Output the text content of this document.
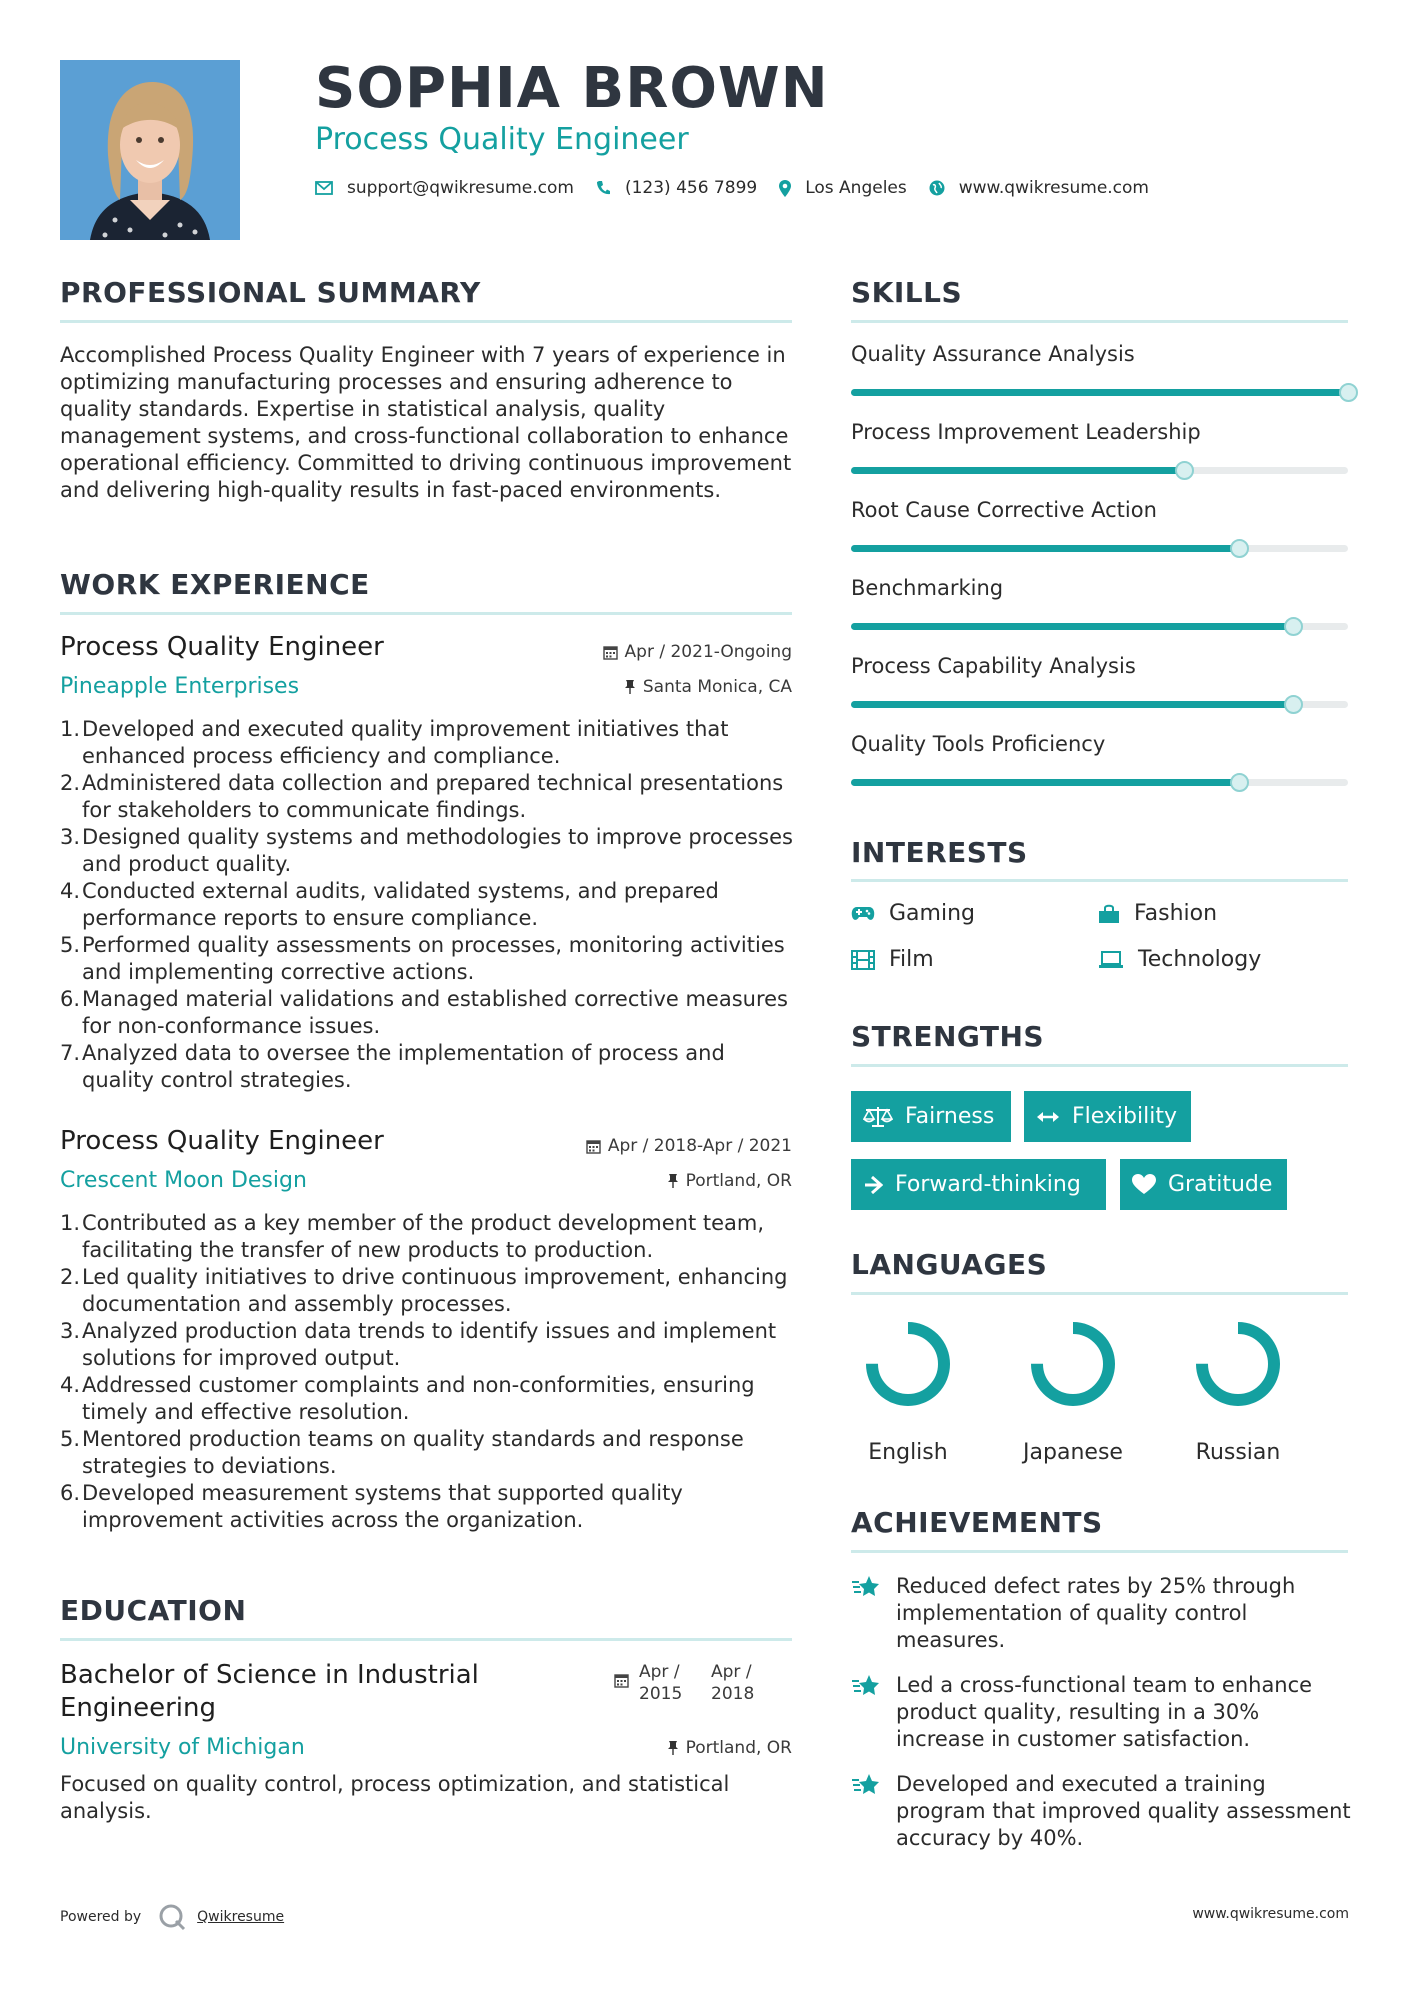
SOPHIA BROWN
Process Quality Engineer
support@qwikresume.com	(123) 456 7899	Los Angeles	www.qwikresume.com
PROFESSIONAL SUMMARY
Accomplished Process Quality Engineer with 7 years of experience in optimizing manufacturing processes and ensuring adherence to quality standards. Expertise in statistical analysis, quality management systems, and cross-functional collaboration to enhance operational efficiency. Committed to driving continuous improvement and delivering high-quality results in fast-paced environments.
WORK EXPERIENCE
Process Quality Engineer	Apr / 2021-Ongoing
Pineapple Enterprises	Santa Monica, CA
1. Developed and executed quality improvement initiatives that enhanced process efficiency and compliance.
2. Administered data collection and prepared technical presentations for stakeholders to communicate findings.
3. Designed quality systems and methodologies to improve processes and product quality.
4. Conducted external audits, validated systems, and prepared performance reports to ensure compliance.
5. Performed quality assessments on processes, monitoring activities and implementing corrective actions.
6. Managed material validations and established corrective measures for non-conformance issues.
7. Analyzed data to oversee the implementation of process and quality control strategies.
Process Quality Engineer	Apr / 2018-Apr / 2021
Crescent Moon Design	Portland, OR
1. Contributed as a key member of the product development team, facilitating the transfer of new products to production.
2. Led quality initiatives to drive continuous improvement, enhancing documentation and assembly processes.
3. Analyzed production data trends to identify issues and implement solutions for improved output.
4. Addressed customer complaints and non-conformities, ensuring timely and effective resolution.
5. Mentored production teams on quality standards and response strategies to deviations.
6. Developed measurement systems that supported quality improvement activities across the organization.
EDUCATION
Bachelor of Science in Industrial Engineering
Apr / 2015
Apr / 2018
University of Michigan	Portland, OR
Focused on quality control, process optimization, and statistical analysis.
SKILLS
Quality Assurance Analysis
Process Improvement Leadership
Root Cause Corrective Action
Benchmarking
Process Capability Analysis
Quality Tools Proficiency
INTERESTS
Gaming	Fashion
Film	Technology
STRENGTHS
Fairness	Flexibility
Forward-thinking	Gratitude
LANGUAGES
English	Japanese	Russian
ACHIEVEMENTS
Reduced defect rates by 25% through implementation of quality control measures.
Led a cross-functional team to enhance product quality, resulting in a 30% increase in customer satisfaction.
Developed and executed a training program that improved quality assessment accuracy by 40%.
Powered by	Qwikresume	www.qwikresume.com
